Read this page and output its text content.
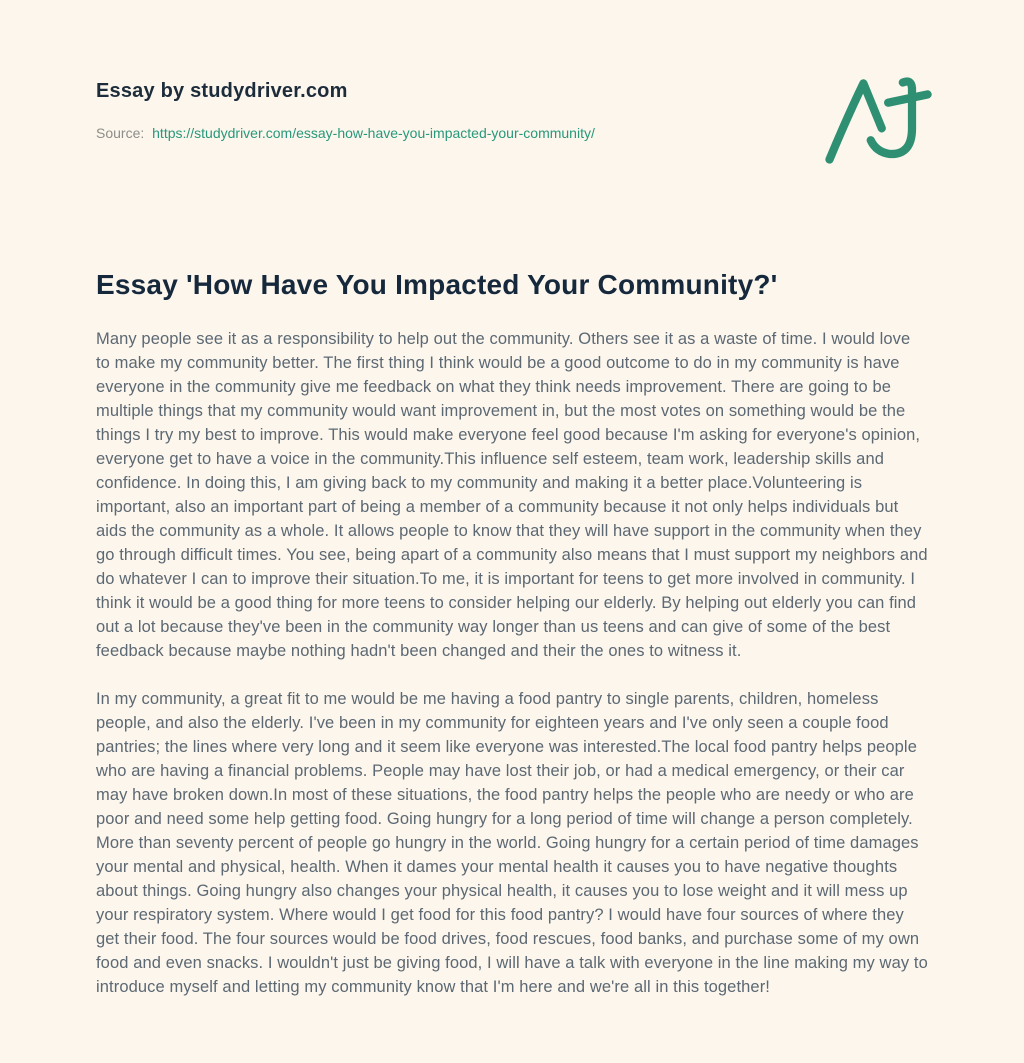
Essay by studydriver.com
Source: https://studydriver.com/essay-how-have-you-impacted-your-community/
Essay 'How Have You Impacted Your Community?'

Many people see it as a responsibility to help out the community. Others see it as a waste of time. I would love to make my community better. The first thing I think would be a good outcome to do in my community is have everyone in the community give me feedback on what they think needs improvement. There are going to be multiple things that my community would want improvement in, but the most votes on something would be the things I try my best to improve. This would make everyone feel good because I'm asking for everyone's opinion, everyone get to have a voice in the community.This influence self esteem, team work, leadership skills and confidence. In doing this, I am giving back to my community and making it a better place.Volunteering is important, also an important part of being a member of a community because it not only helps individuals but aids the community as a whole. It allows people to know that they will have support in the community when they go through difficult times. You see, being apart of a community also means that I must support my neighbors and do whatever I can to improve their situation.To me, it is important for teens to get more involved in community. I think it would be a good thing for more teens to consider helping our elderly. By helping out elderly you can find out a lot because they've been in the community way longer than us teens and can give of some of the best feedback because maybe nothing hadn't been changed and their the ones to witness it.

In my community, a great fit to me would be me having a food pantry to single parents, children, homeless people, and also the elderly. I've been in my community for eighteen years and I've only seen a couple food pantries; the lines where very long and it seem like everyone was interested.The local food pantry helps people who are having a financial problems. People may have lost their job, or had a medical emergency, or their car may have broken down.In most of these situations, the food pantry helps the people who are needy or who are poor and need some help getting food. Going hungry for a long period of time will change a person completely. More than seventy percent of people go hungry in the world. Going hungry for a certain period of time damages your mental and physical, health. When it dames your mental health it causes you to have negative thoughts about things. Going hungry also changes your physical health, it causes you to lose weight and it will mess up your respiratory system. Where would I get food for this food pantry? I would have four sources of where they get their food. The four sources would be food drives, food rescues, food banks, and purchase some of my own food and even snacks. I wouldn't just be giving food, I will have a talk with everyone in the line making my way to introduce myself and letting my community know that I'm here and we're all in this together!
